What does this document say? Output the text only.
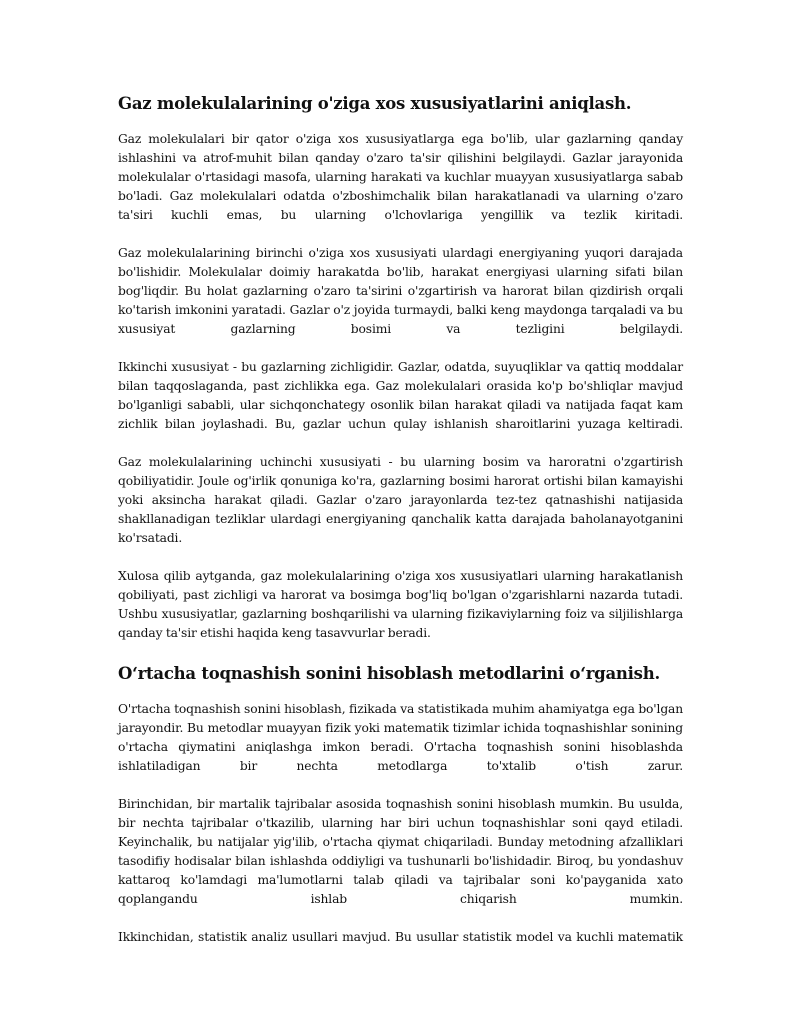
Gaz molekulalarining o'ziga xos xususiyatlarini aniqlash.

Gaz molekulalari bir qator o'ziga xos xususiyatlarga ega bo'lib, ular gazlarning qanday ishlashini va atrof-muhit bilan qanday o'zaro ta'sir qilishini belgilaydi. Gazlar jarayonida molekulalar o'rtasidagi masofa, ularning harakati va kuchlar muayyan xususiyatlarga sabab bo'ladi. Gaz molekulalari odatda o'zboshimchalik bilan harakatlanadi va ularning o'zaro ta'siri kuchli emas, bu ularning o'lchovlariga yengillik va tezlik kiritadi.

Gaz molekulalarining birinchi o'ziga xos xususiyati ulardagi energiyaning yuqori darajada bo'lishidir. Molekulalar doimiy harakatda bo'lib, harakat energiyasi ularning sifati bilan bog'liqdir. Bu holat gazlarning o'zaro ta'sirini o'zgartirish va harorat bilan qizdirish orqali ko'tarish imkonini yaratadi. Gazlar o'z joyida turmaydi, balki keng maydonga tarqaladi va bu xususiyat gazlarning bosimi va tezligini belgilaydi.

Ikkinchi xususiyat - bu gazlarning zichligidir. Gazlar, odatda, suyuqliklar va qattiq moddalar bilan taqqoslaganda, past zichlikka ega. Gaz molekulalari orasida ko'p bo'shliqlar mavjud bo'lganligi sababli, ular sichqonchategy osonlik bilan harakat qiladi va natijada faqat kam zichlik bilan joylashadi. Bu, gazlar uchun qulay ishlanish sharoitlarini yuzaga keltiradi.

Gaz molekulalarining uchinchi xususiyati - bu ularning bosim va haroratni o'zgartirish qobiliyatidir. Joule og'irlik qonuniga ko'ra, gazlarning bosimi harorat ortishi bilan kamayishi yoki aksincha harakat qiladi. Gazlar o'zaro jarayonlarda tez-tez qatnashishi natijasida shakllanadigan tezliklar ulardagi energiyaning qanchalik katta darajada baholanayotganini ko'rsatadi.

Xulosa qilib aytganda, gaz molekulalarining o'ziga xos xususiyatlari ularning harakatlanish qobiliyati, past zichligi va harorat va bosimga bog'liq bo'lgan o'zgarishlarni nazarda tutadi. Ushbu xususiyatlar, gazlarning boshqarilishi va ularning fizikaviylarning foiz va siljilishlarga qanday ta'sir etishi haqida keng tasavvurlar beradi.

O‘rtacha toqnashish sonini hisoblash metodlarini o‘rganish.

O'rtacha toqnashish sonini hisoblash, fizikada va statistikada muhim ahamiyatga ega bo'lgan jarayondir. Bu metodlar muayyan fizik yoki matematik tizimlar ichida toqnashishlar sonining o'rtacha qiymatini aniqlashga imkon beradi. O'rtacha toqnashish sonini hisoblashda ishlatiladigan bir nechta metodlarga to'xtalib o'tish zarur.

Birinchidan, bir martalik tajribalar asosida toqnashish sonini hisoblash mumkin. Bu usulda, bir nechta tajribalar o'tkazilib, ularning har biri uchun toqnashishlar soni qayd etiladi. Keyinchalik, bu natijalar yig'ilib, o'rtacha qiymat chiqariladi. Bunday metodning afzalliklari tasodifiy hodisalar bilan ishlashda oddiyligi va tushunarli bo'lishidadir. Biroq, bu yondashuv kattaroq ko'lamdagi ma'lumotlarni talab qiladi va tajribalar soni ko'payganida xato qoplangandu ishlab chiqarish mumkin.

Ikkinchidan, statistik analiz usullari mavjud. Bu usullar statistik model va kuchli matematik
